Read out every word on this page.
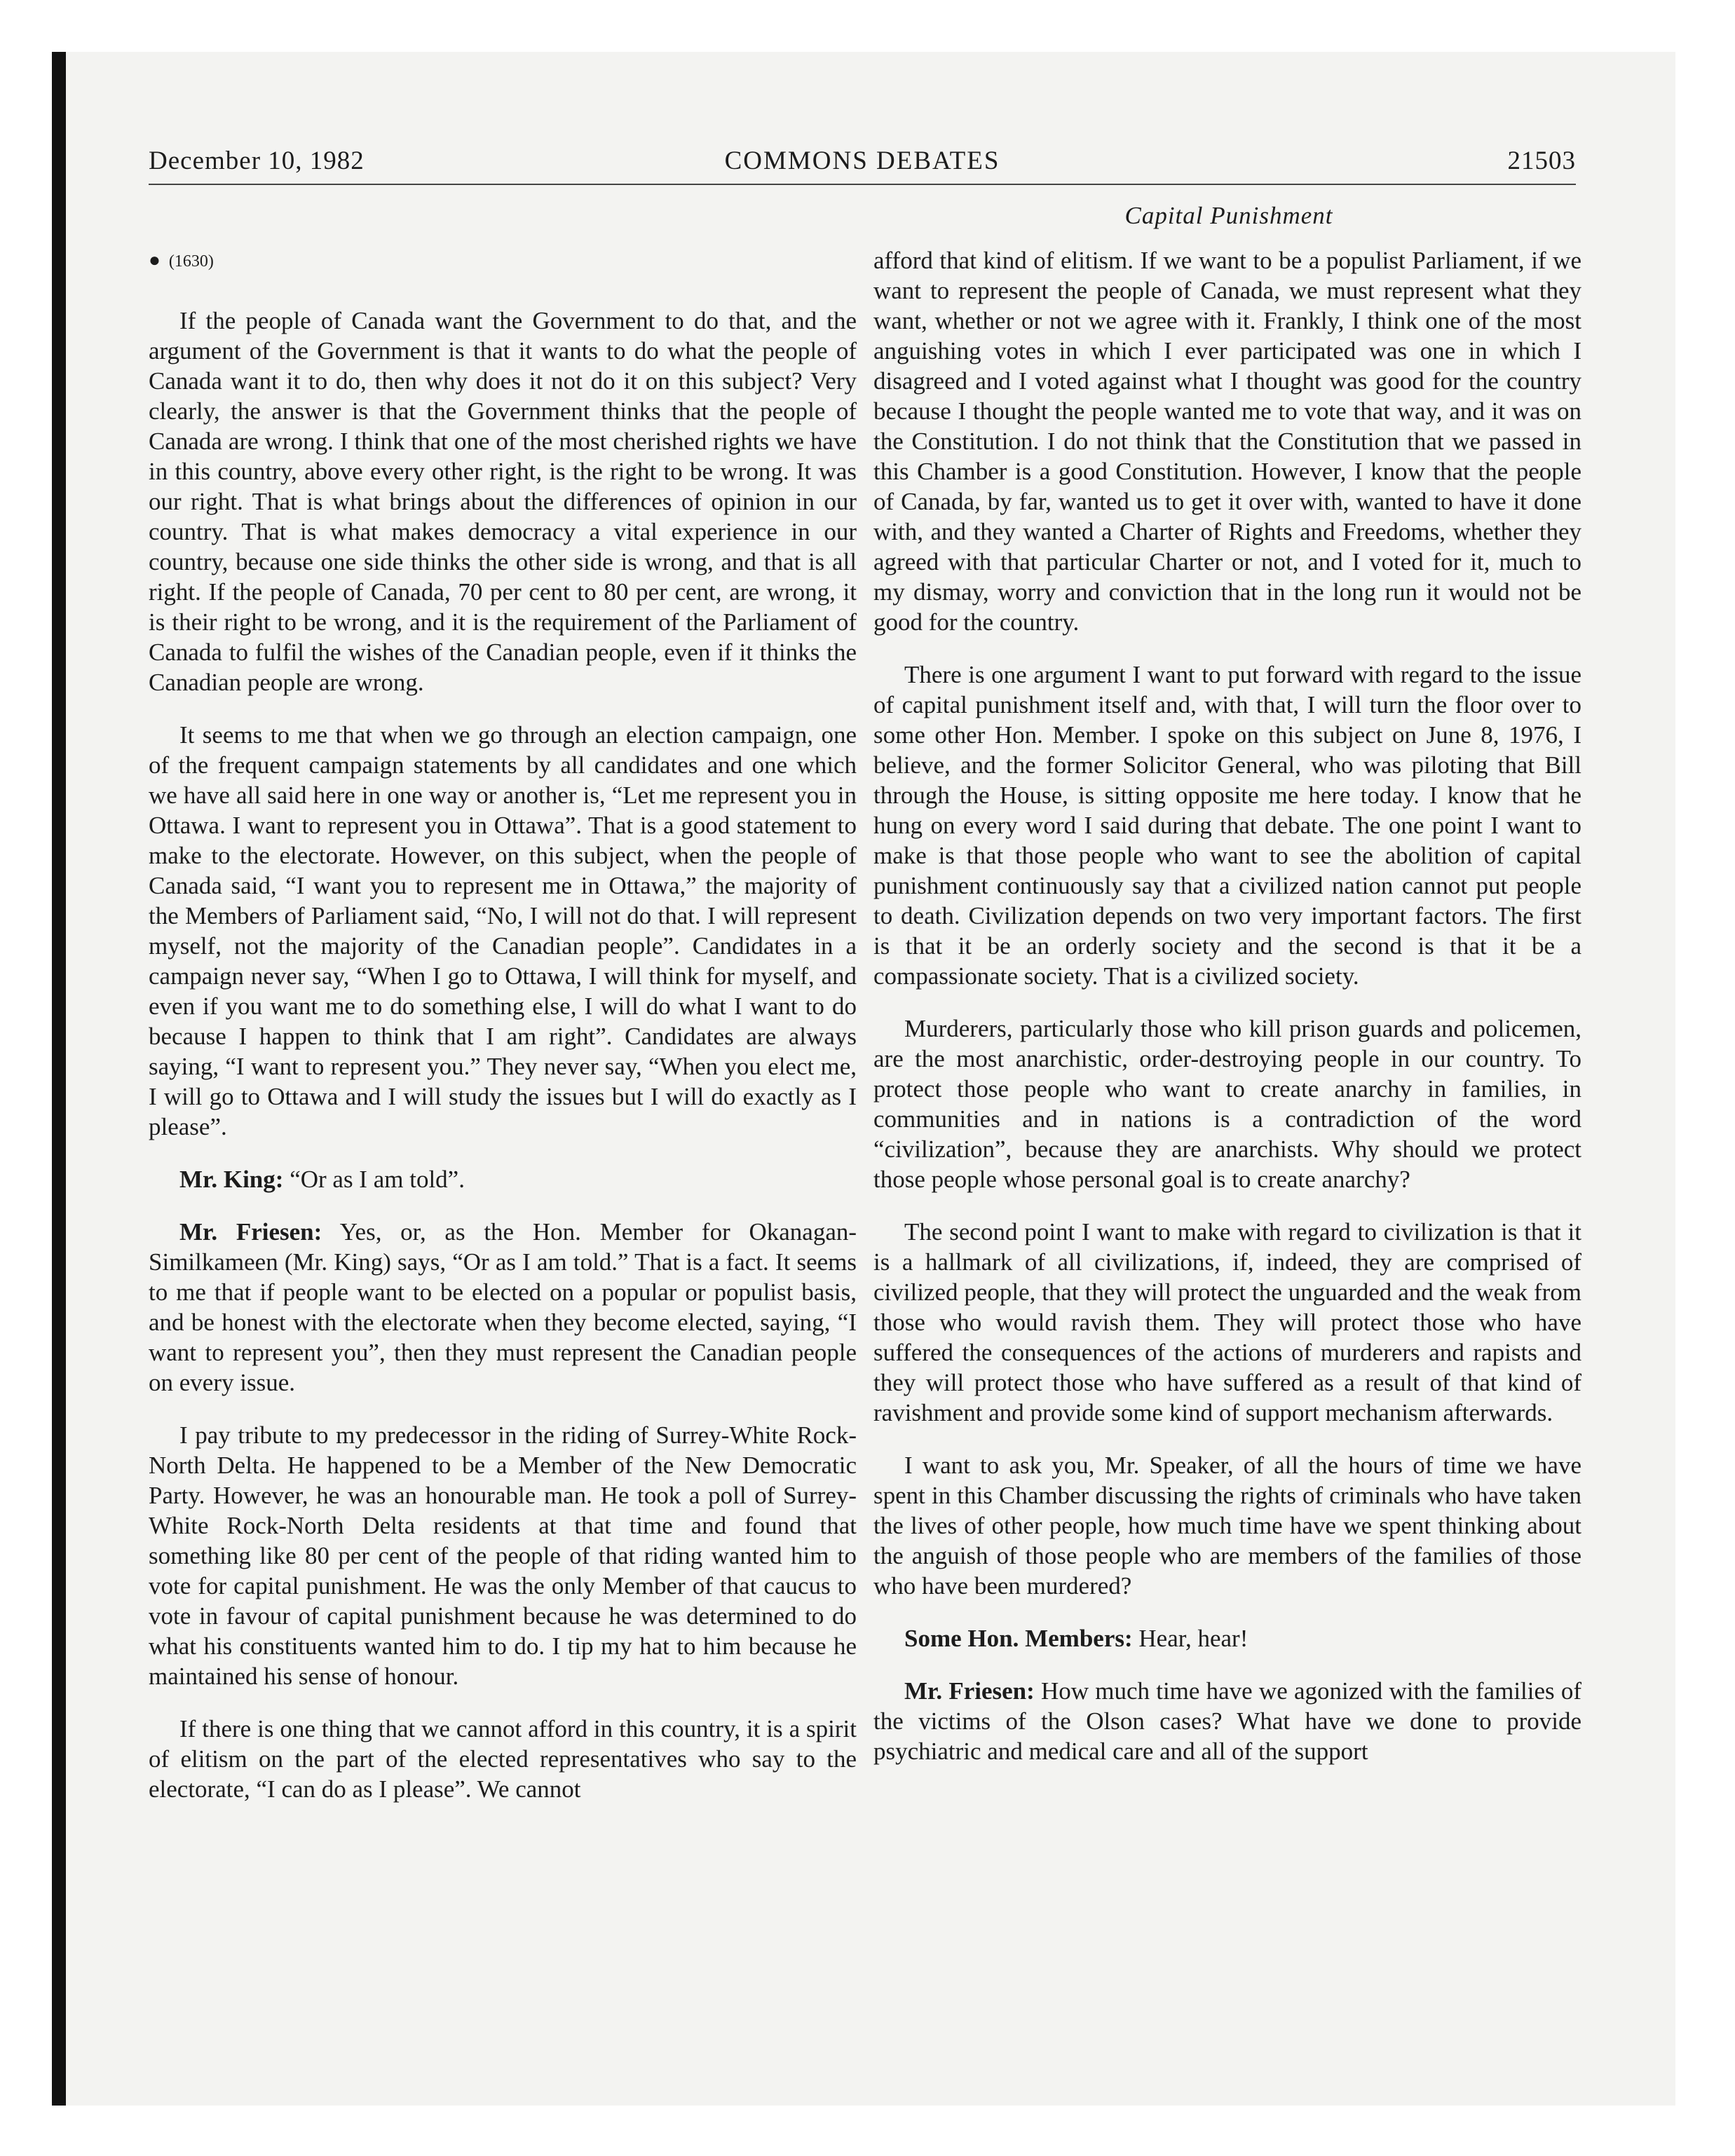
December 10, 1982	COMMONS DEBATES	21503
Capital Punishment
● (1630)

If the people of Canada want the Government to do that, and the argument of the Government is that it wants to do what the people of Canada want it to do, then why does it not do it on this subject? Very clearly, the answer is that the Government thinks that the people of Canada are wrong. I think that one of the most cherished rights we have in this country, above every other right, is the right to be wrong. It was our right. That is what brings about the differences of opinion in our country. That is what makes democracy a vital experience in our country, because one side thinks the other side is wrong, and that is all right. If the people of Canada, 70 per cent to 80 per cent, are wrong, it is their right to be wrong, and it is the requirement of the Parliament of Canada to fulfil the wishes of the Canadian people, even if it thinks the Canadian people are wrong.

It seems to me that when we go through an election campaign, one of the frequent campaign statements by all candidates and one which we have all said here in one way or another is, “Let me represent you in Ottawa. I want to represent you in Ottawa”. That is a good statement to make to the electorate. However, on this subject, when the people of Canada said, “I want you to represent me in Ottawa,” the majority of the Members of Parliament said, “No, I will not do that. I will represent myself, not the majority of the Canadian people”. Candidates in a campaign never say, “When I go to Ottawa, I will think for myself, and even if you want me to do something else, I will do what I want to do because I happen to think that I am right”. Candidates are always saying, “I want to represent you.” They never say, “When you elect me, I will go to Ottawa and I will study the issues but I will do exactly as I please”.

Mr. King: “Or as I am told”.

Mr. Friesen: Yes, or, as the Hon. Member for Okanagan-Similkameen (Mr. King) says, “Or as I am told.” That is a fact. It seems to me that if people want to be elected on a popular or populist basis, and be honest with the electorate when they become elected, saying, “I want to represent you”, then they must represent the Canadian people on every issue.

I pay tribute to my predecessor in the riding of Surrey-White Rock-North Delta. He happened to be a Member of the New Democratic Party. However, he was an honourable man. He took a poll of Surrey-White Rock-North Delta residents at that time and found that something like 80 per cent of the people of that riding wanted him to vote for capital punishment. He was the only Member of that caucus to vote in favour of capital punishment because he was determined to do what his constituents wanted him to do. I tip my hat to him because he maintained his sense of honour.

If there is one thing that we cannot afford in this country, it is a spirit of elitism on the part of the elected representatives who say to the electorate, “I can do as I please”. We cannot

afford that kind of elitism. If we want to be a populist Parliament, if we want to represent the people of Canada, we must represent what they want, whether or not we agree with it. Frankly, I think one of the most anguishing votes in which I ever participated was one in which I disagreed and I voted against what I thought was good for the country because I thought the people wanted me to vote that way, and it was on the Constitution. I do not think that the Constitution that we passed in this Chamber is a good Constitution. However, I know that the people of Canada, by far, wanted us to get it over with, wanted to have it done with, and they wanted a Charter of Rights and Freedoms, whether they agreed with that particular Charter or not, and I voted for it, much to my dismay, worry and conviction that in the long run it would not be good for the country.

There is one argument I want to put forward with regard to the issue of capital punishment itself and, with that, I will turn the floor over to some other Hon. Member. I spoke on this subject on June 8, 1976, I believe, and the former Solicitor General, who was piloting that Bill through the House, is sitting opposite me here today. I know that he hung on every word I said during that debate. The one point I want to make is that those people who want to see the abolition of capital punishment continuously say that a civilized nation cannot put people to death. Civilization depends on two very important factors. The first is that it be an orderly society and the second is that it be a compassionate society. That is a civilized society.

Murderers, particularly those who kill prison guards and policemen, are the most anarchistic, order-destroying people in our country. To protect those people who want to create anarchy in families, in communities and in nations is a contradiction of the word “civilization”, because they are anarchists. Why should we protect those people whose personal goal is to create anarchy?

The second point I want to make with regard to civilization is that it is a hallmark of all civilizations, if, indeed, they are comprised of civilized people, that they will protect the unguarded and the weak from those who would ravish them. They will protect those who have suffered the consequences of the actions of murderers and rapists and they will protect those who have suffered as a result of that kind of ravishment and provide some kind of support mechanism afterwards.

I want to ask you, Mr. Speaker, of all the hours of time we have spent in this Chamber discussing the rights of criminals who have taken the lives of other people, how much time have we spent thinking about the anguish of those people who are members of the families of those who have been murdered?

Some Hon. Members: Hear, hear!

Mr. Friesen: How much time have we agonized with the families of the victims of the Olson cases? What have we done to provide psychiatric and medical care and all of the support
